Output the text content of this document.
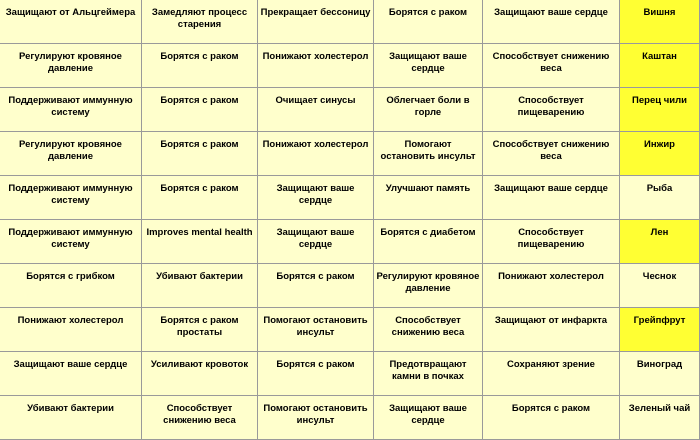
Защищают от Альцгеймера	Замедляют процесс старения	Прекращает бессоницу	Борятся с раком	Защищают ваше сердце	Вишня
Регулируют кровяное давление	Борятся с раком	Понижают холестерол	Защищают ваше сердце	Способствует снижению веса	Каштан
Поддерживают иммунную систему	Борятся с раком	Очищает синусы	Облегчает боли в горле	Способствует пищеварению	Перец чили
Регулируют кровяное давление	Борятся с раком	Понижают холестерол	Помогают остановить инсульт	Способствует снижению веса	Инжир
Поддерживают иммунную систему	Борятся с раком	Защищают ваше сердце	Улучшают память	Защищают ваше сердце	Рыба
Поддерживают иммунную систему	Improves mental health	Защищают ваше сердце	Борятся с диабетом	Способствует пищеварению	Лен
Борятся с грибком	Убивают бактерии	Борятся с раком	Регулируют кровяное давление	Понижают холестерол	Чеснок
Понижают холестерол	Борятся с раком простаты	Помогают остановить инсульт	Способствует снижению веса	Защищают от инфаркта	Грейпфрут
Защищают ваше сердце	Усиливают кровоток	Борятся с раком	Предотвращают камни в почках	Сохраняют зрение	Виноград
Убивают бактерии	Способствует снижению веса	Помогают остановить инсульт	Защищают ваше сердце	Борятся с раком	Зеленый чай
